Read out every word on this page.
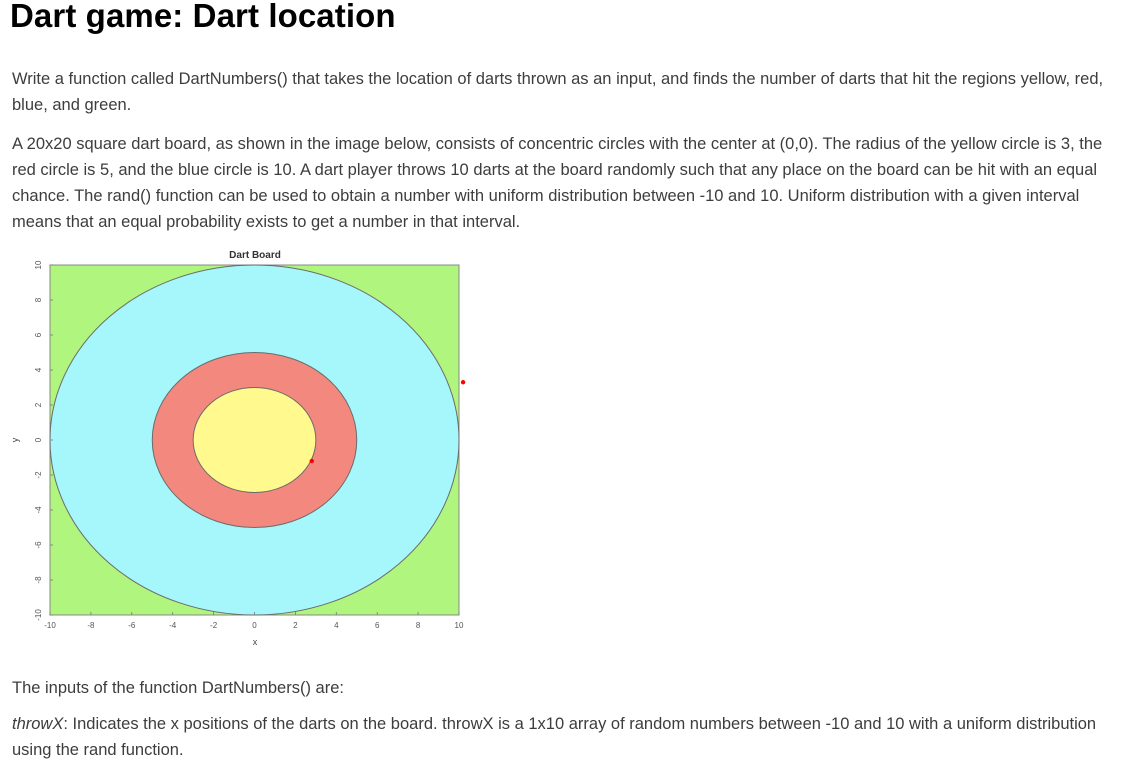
Dart game: Dart location

Write a function called DartNumbers() that takes the location of darts thrown as an input, and finds the number of darts that hit the regions yellow, red, blue, and green.

A 20x20 square dart board, as shown in the image below, consists of concentric circles with the center at (0,0). The radius of the yellow circle is 3, the red circle is 5, and the blue circle is 10. A dart player throws 10 darts at the board randomly such that any place on the board can be hit with an equal chance. The rand() function can be used to obtain a number with uniform distribution between -10 and 10. Uniform distribution with a given interval means that an equal probability exists to get a number in that interval.

Dart Board
-10	-8	-6	-4	-2	0	2	4	6	8	10
-10
-8
-6
-4
-2
0
2
4
6
8
10
x
y

The inputs of the function DartNumbers() are:

throwX: Indicates the x positions of the darts on the board. throwX is a 1x10 array of random numbers between -10 and 10 with a uniform distribution using the rand function.
